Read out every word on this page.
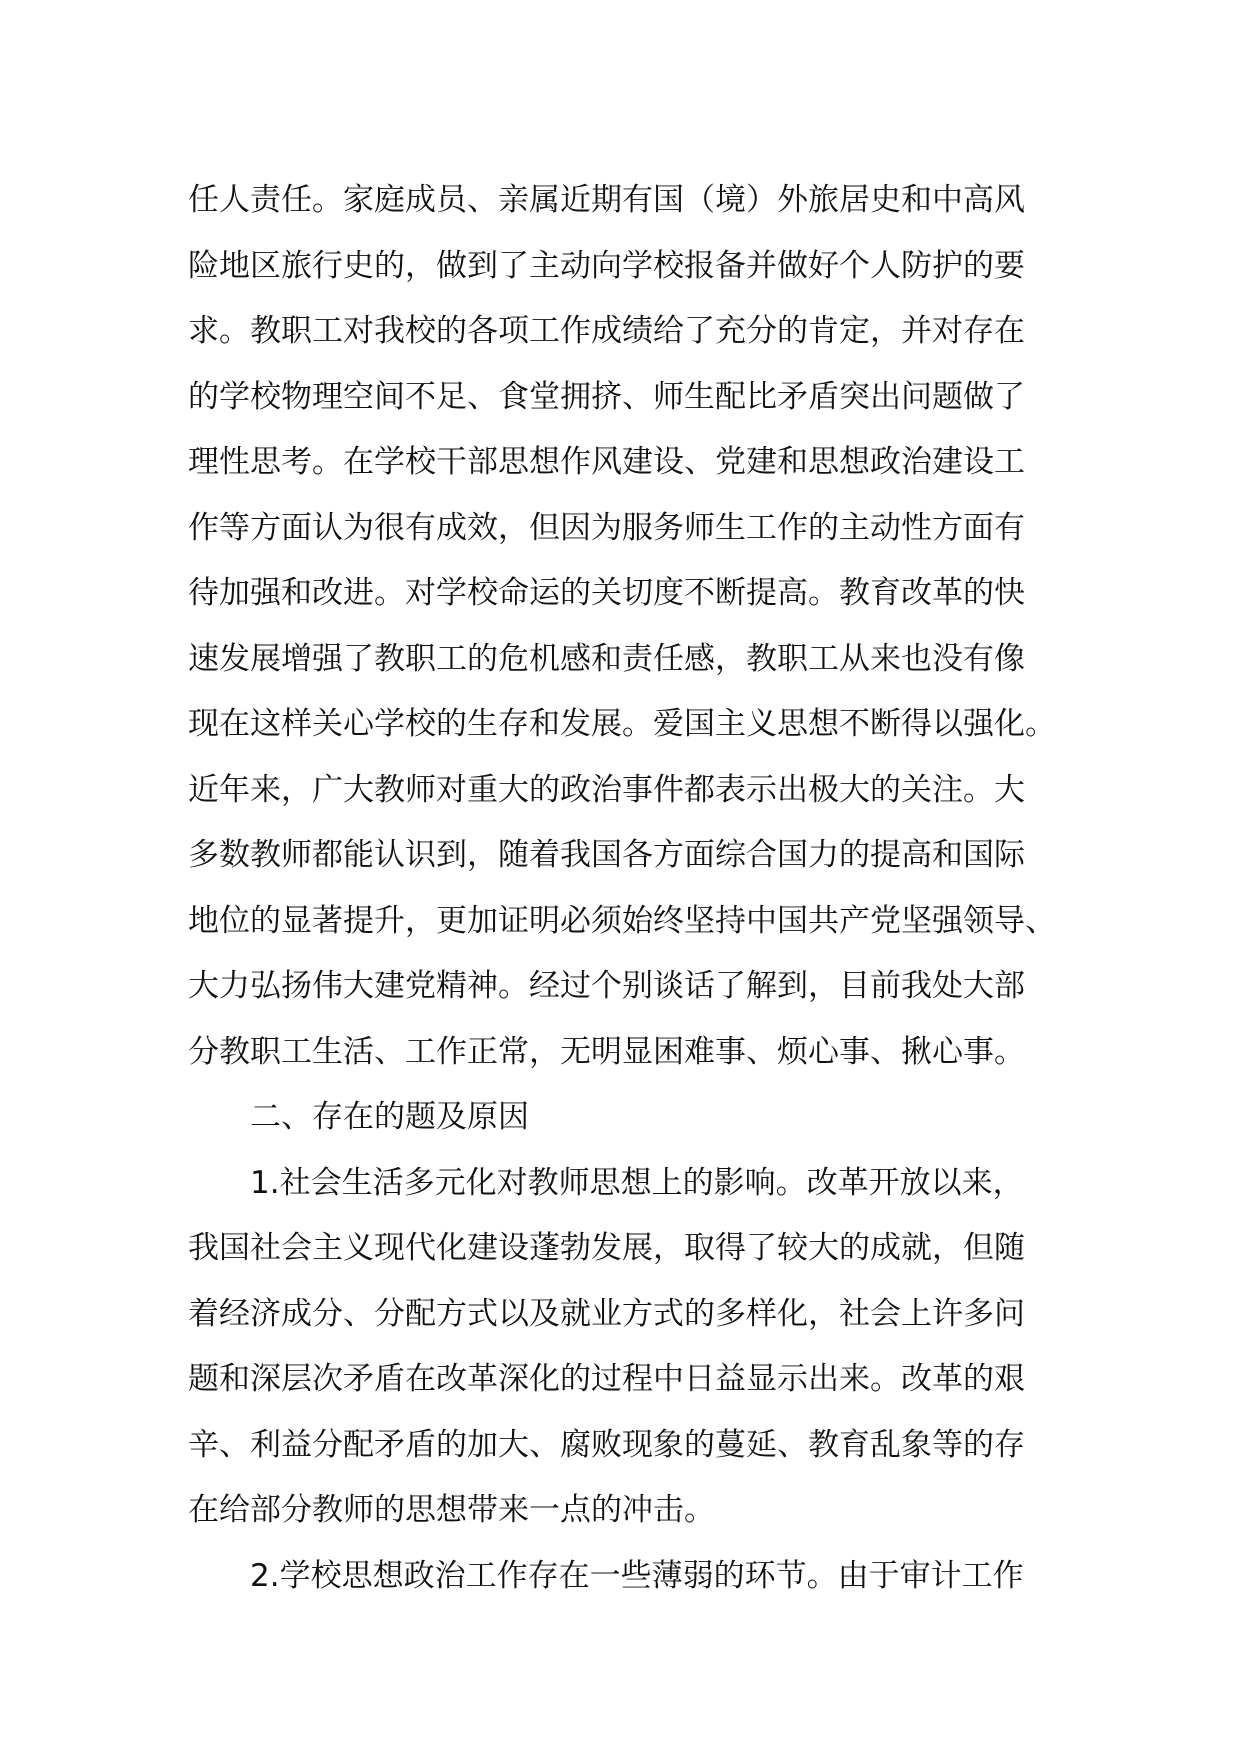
任人责任。家庭成员、亲属近期有国（境）外旅居史和中高风
险地区旅行史的，做到了主动向学校报备并做好个人防护的要
求。教职工对我校的各项工作成绩给了充分的肯定，并对存在
的学校物理空间不足、食堂拥挤、师生配比矛盾突出问题做了
理性思考。在学校干部思想作风建设、党建和思想政治建设工
作等方面认为很有成效，但因为服务师生工作的主动性方面有
待加强和改进。对学校命运的关切度不断提高。教育改革的快
速发展增强了教职工的危机感和责任感，教职工从来也没有像
现在这样关心学校的生存和发展。爱国主义思想不断得以强化。
近年来，广大教师对重大的政治事件都表示出极大的关注。大
多数教师都能认识到，随着我国各方面综合国力的提高和国际
地位的显著提升，更加证明必须始终坚持中国共产党坚强领导、
大力弘扬伟大建党精神。经过个别谈话了解到，目前我处大部
分教职工生活、工作正常，无明显困难事、烦心事、揪心事。
二、存在的题及原因
1.社会生活多元化对教师思想上的影响。改革开放以来，
我国社会主义现代化建设蓬勃发展，取得了较大的成就，但随
着经济成分、分配方式以及就业方式的多样化，社会上许多问
题和深层次矛盾在改革深化的过程中日益显示出来。改革的艰
辛、利益分配矛盾的加大、腐败现象的蔓延、教育乱象等的存
在给部分教师的思想带来一点的冲击。
2.学校思想政治工作存在一些薄弱的环节。由于审计工作
